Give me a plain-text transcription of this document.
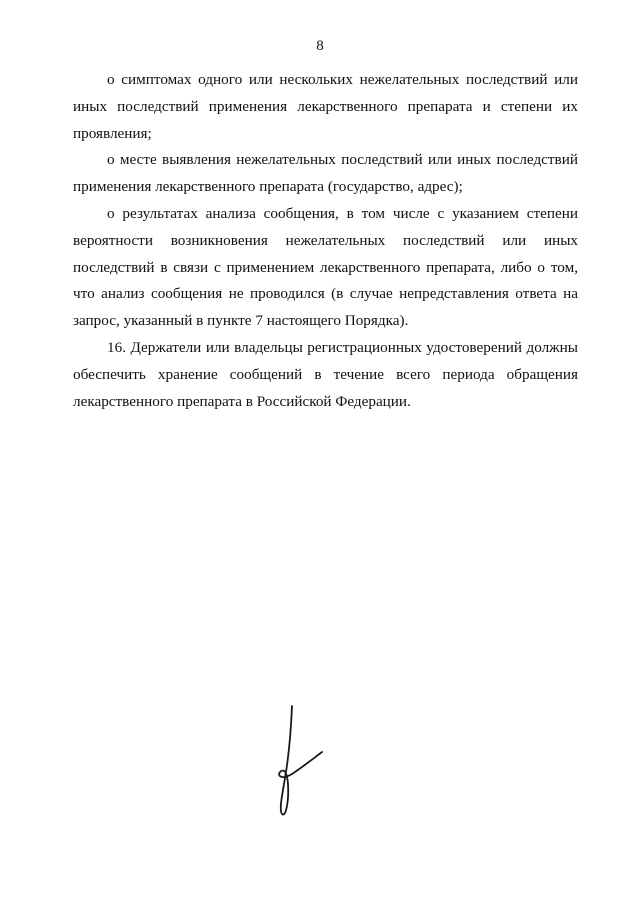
8

о симптомах одного или нескольких нежелательных последствий или иных последствий применения лекарственного препарата и степени их проявления;

о месте выявления нежелательных последствий или иных последствий применения лекарственного препарата (государство, адрес);

о результатах анализа сообщения, в том числе с указанием степени вероятности возникновения нежелательных последствий или иных последствий в связи с применением лекарственного препарата, либо о том, что анализ сообщения не проводился (в случае непредставления ответа на запрос, указанный в пункте 7 настоящего Порядка).

16. Держатели или владельцы регистрационных удостоверений должны обеспечить хранение сообщений в течение всего периода обращения лекарственного препарата в Российской Федерации.
